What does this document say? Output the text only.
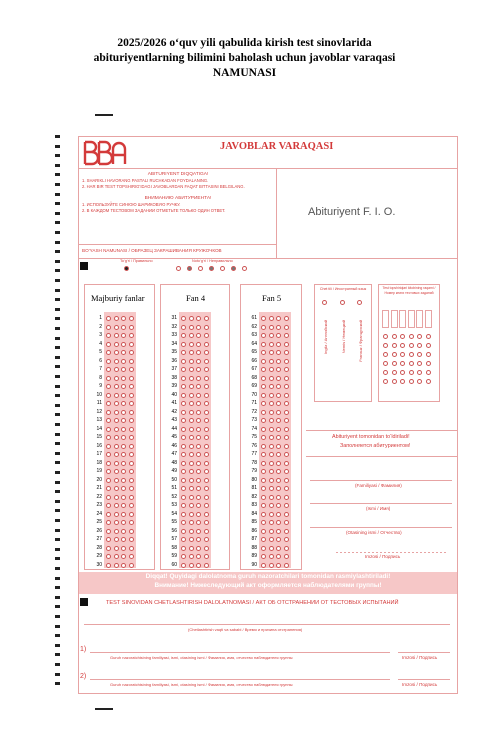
2025/2026 o‘quv yili qabulida kirish test sinovlarida
abituriyentlarning bilimini baholash uchun javoblar varaqasi
NAMUNASI
JAVOBLAR VARAQASI
ABITURIYENT DIQQATIGA!
1. SHARIKLI HAVORANG PASTALI RUCHKADAN FOYDALANING.
2. HAR BIR TEST TOPSHIRIG‘IDAGI JAVOBLARDAN FAQAT BITTASINI BELGILANG.
ВНИМАНИЮ АБИТУРИЕНТА!
1. ИСПОЛЬЗУЙТЕ СИНЮЮ ШАРИКОВУЮ РУЧКУ.
2. В КАЖДОМ ТЕСТОВОМ ЗАДАНИИ ОТМЕТЬТЕ ТОЛЬКО ОДИН ОТВЕТ.
BO‘YASH NAMUNASI / ОБРАЗЕЦ ЗАКРАШИВАНИЯ КРУЖОЧКОВ
To‘g‘ri / Правильно	Noto‘g‘ri / Неправильно
Abituriyent F. I. O.
Majburiy fanlar	Fan 4	Fan 5
1
2
3
4
5
6
7
8
9
10
11
12
13
14
15
16
17
18
19
20
21
22
23
24
25
26
27
28
29
30
31
32
33
34
35
36
37
38
39
40
41
42
43
44
45
46
47
48
49
50
51
52
53
54
55
56
57
58
59
60
61
62
63
64
65
66
67
68
69
70
71
72
73
74
75
76
77
78
79
80
81
82
83
84
85
86
87
88
89
90
Chet tili / Иностранный язык
Ingliz / Английский	Nemis / Немецкий	Fransuz / Французский
Test topshiriqlari kitobining raqami / Номер книги тестовых заданий
Abituriyent tomonidan to‘ldiriladi!
Заполняется абитуриентом!
(Familiyasi / Фамилия)
(Ismi / Имя)
(Otasining ismi / Отчество)
Imzosi / Подпись
Diqqat! Quyidagi dalolatnoma guruh nazoratchilari tomonidan rasmiylashtiriladi!
Внимание! Нижеследующий акт оформляется наблюдателями группы!
TEST SINOVIDAN CHETLASHTIRISH DALOLATNOMASI / АКТ ОБ ОТСТРАНЕНИИ ОТ ТЕСТОВЫХ ИСПЫТАНИЙ
(Chetlashtirish vaqti va sababi / Время и причина отстранения)
1)
Guruh nazoratchisining familiyasi, ismi, otasining ismi / Фамилия, имя, отчество наблюдателя группы	Imzosi / Подпись
2)
Guruh nazoratchisining familiyasi, ismi, otasining ismi / Фамилия, имя, отчество наблюдателя группы	Imzosi / Подпись
